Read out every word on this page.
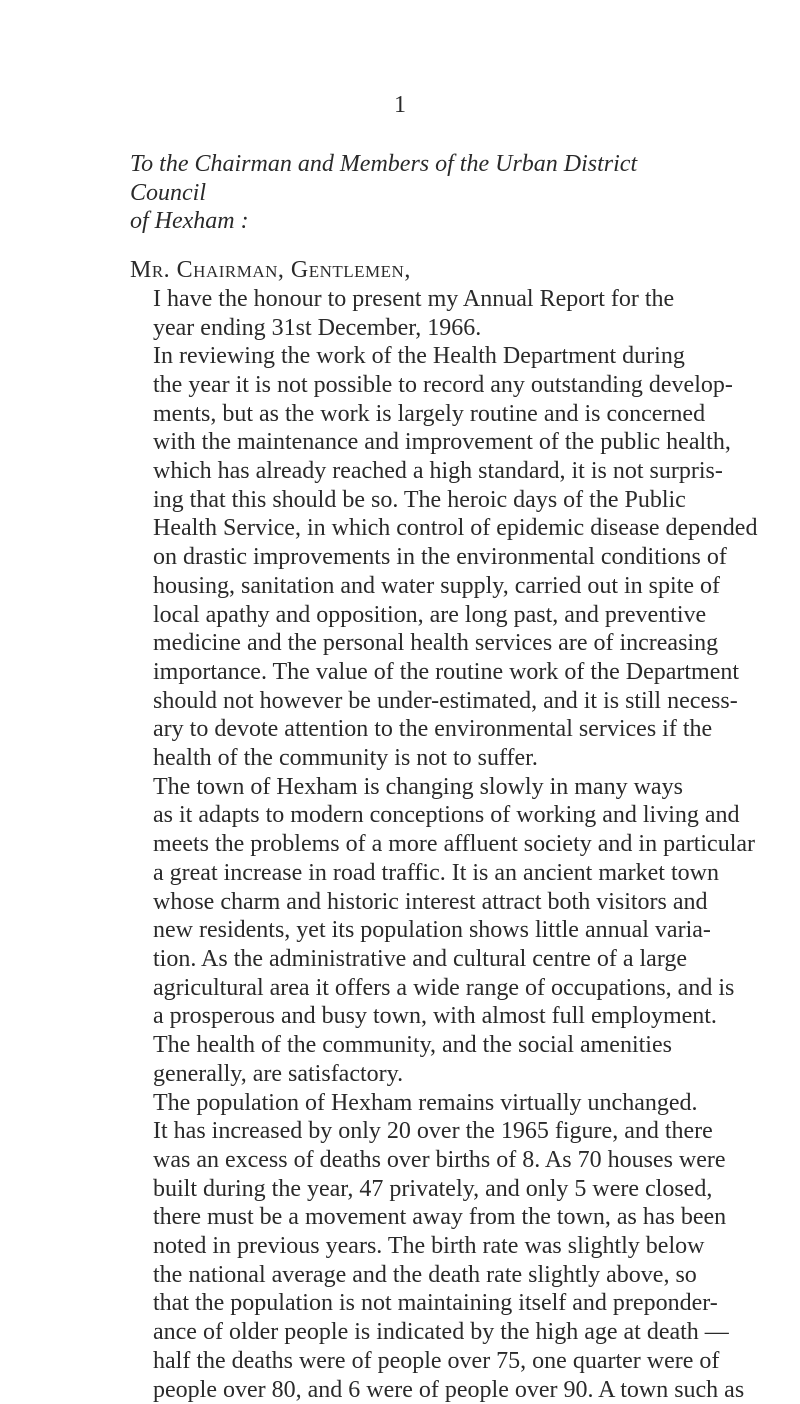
1

To the Chairman and Members of the Urban District Council
of Hexham :

Mr. Chairman, Gentlemen,

I have the honour to present my Annual Report for the
year ending 31st December, 1966.

In reviewing the work of the Health Department during
the year it is not possible to record any outstanding develop-
ments, but as the work is largely routine and is concerned
with the maintenance and improvement of the public health,
which has already reached a high standard, it is not surpris-
ing that this should be so. The heroic days of the Public
Health Service, in which control of epidemic disease depended
on drastic improvements in the environmental conditions of
housing, sanitation and water supply, carried out in spite of
local apathy and opposition, are long past, and preventive
medicine and the personal health services are of increasing
importance. The value of the routine work of the Department
should not however be under-estimated, and it is still necess-
ary to devote attention to the environmental services if the
health of the community is not to suffer.

The town of Hexham is changing slowly in many ways
as it adapts to modern conceptions of working and living and
meets the problems of a more affluent society and in particular
a great increase in road traffic. It is an ancient market town
whose charm and historic interest attract both visitors and
new residents, yet its population shows little annual varia-
tion. As the administrative and cultural centre of a large
agricultural area it offers a wide range of occupations, and is
a prosperous and busy town, with almost full employment.
The health of the community, and the social amenities
generally, are satisfactory.

The population of Hexham remains virtually unchanged.
It has increased by only 20 over the 1965 figure, and there
was an excess of deaths over births of 8. As 70 houses were
built during the year, 47 privately, and only 5 were closed,
there must be a movement away from the town, as has been
noted in previous years. The birth rate was slightly below
the national average and the death rate slightly above, so
that the population is not maintaining itself and preponder-
ance of older people is indicated by the high age at death —
half the deaths were of people over 75, one quarter were of
people over 80, and 6 were of people over 90. A town such as
